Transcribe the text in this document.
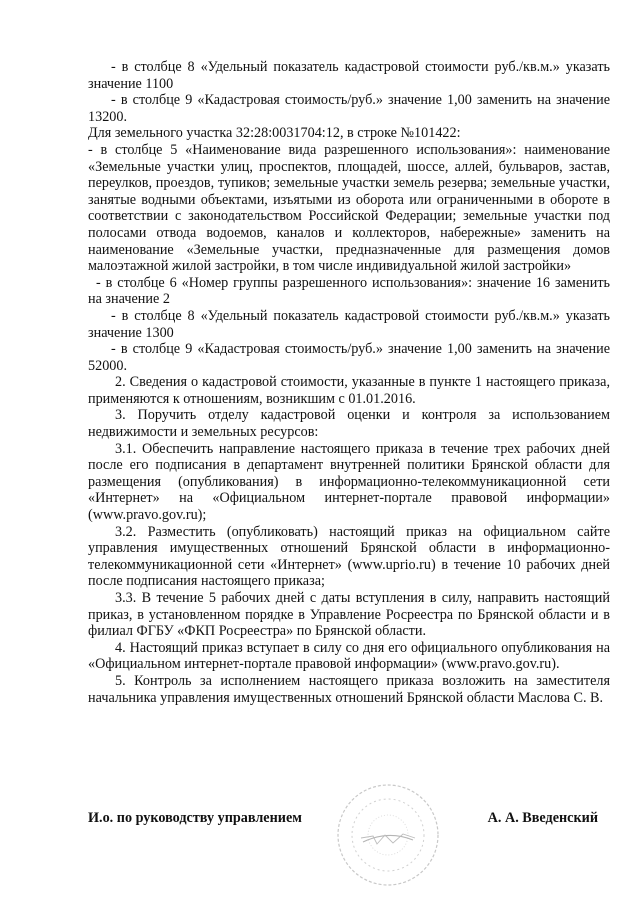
- в столбце 8 «Удельный показатель кадастровой стоимости руб./кв.м.» указать значение 1100

- в столбце 9 «Кадастровая стоимость/руб.» значение 1,00 заменить на значение 13200.

Для земельного участка 32:28:0031704:12, в строке №101422:

- в столбце 5 «Наименование вида разрешенного использования»: наименование «Земельные участки улиц, проспектов, площадей, шоссе, аллей, бульваров, застав, переулков, проездов, тупиков; земельные участки земель резерва; земельные участки, занятые водными объектами, изъятыми из оборота или ограниченными в обороте в соответствии с законодательством Российской Федерации; земельные участки под полосами отвода водоемов, каналов и коллекторов, набережные» заменить на наименование «Земельные участки, предназначенные для размещения домов малоэтажной жилой застройки, в том числе индивидуальной жилой застройки»

- в столбце 6 «Номер группы разрешенного использования»: значение 16 заменить на значение 2

- в столбце 8 «Удельный показатель кадастровой стоимости руб./кв.м.» указать значение 1300

- в столбце 9 «Кадастровая стоимость/руб.» значение 1,00 заменить на значение 52000.

2. Сведения о кадастровой стоимости, указанные в пункте 1 настоящего приказа, применяются к отношениям, возникшим с 01.01.2016.

3. Поручить отделу кадастровой оценки и контроля за использованием недвижимости и земельных ресурсов:

3.1. Обеспечить направление настоящего приказа в течение трех рабочих дней после его подписания в департамент внутренней политики Брянской области для размещения (опубликования) в информационно-телекоммуникационной сети «Интернет» на «Официальном интернет-портале правовой информации» (www.pravo.gov.ru);

3.2. Разместить (опубликовать) настоящий приказ на официальном сайте управления имущественных отношений Брянской области в информационно-телекоммуникационной сети «Интернет» (www.uprio.ru) в течение 10 рабочих дней после подписания настоящего приказа;

3.3. В течение 5 рабочих дней с даты вступления в силу, направить настоящий приказ, в установленном порядке в Управление Росреестра по Брянской области и в филиал ФГБУ «ФКП Росреестра» по Брянской области.

4. Настоящий приказ вступает в силу со дня его официального опубликования на «Официальном интернет-портале правовой информации» (www.pravo.gov.ru).

5. Контроль за исполнением настоящего приказа возложить на заместителя начальника управления имущественных отношений Брянской области Маслова С. В.

И.о. по руководству управлением	А. А. Введенский
